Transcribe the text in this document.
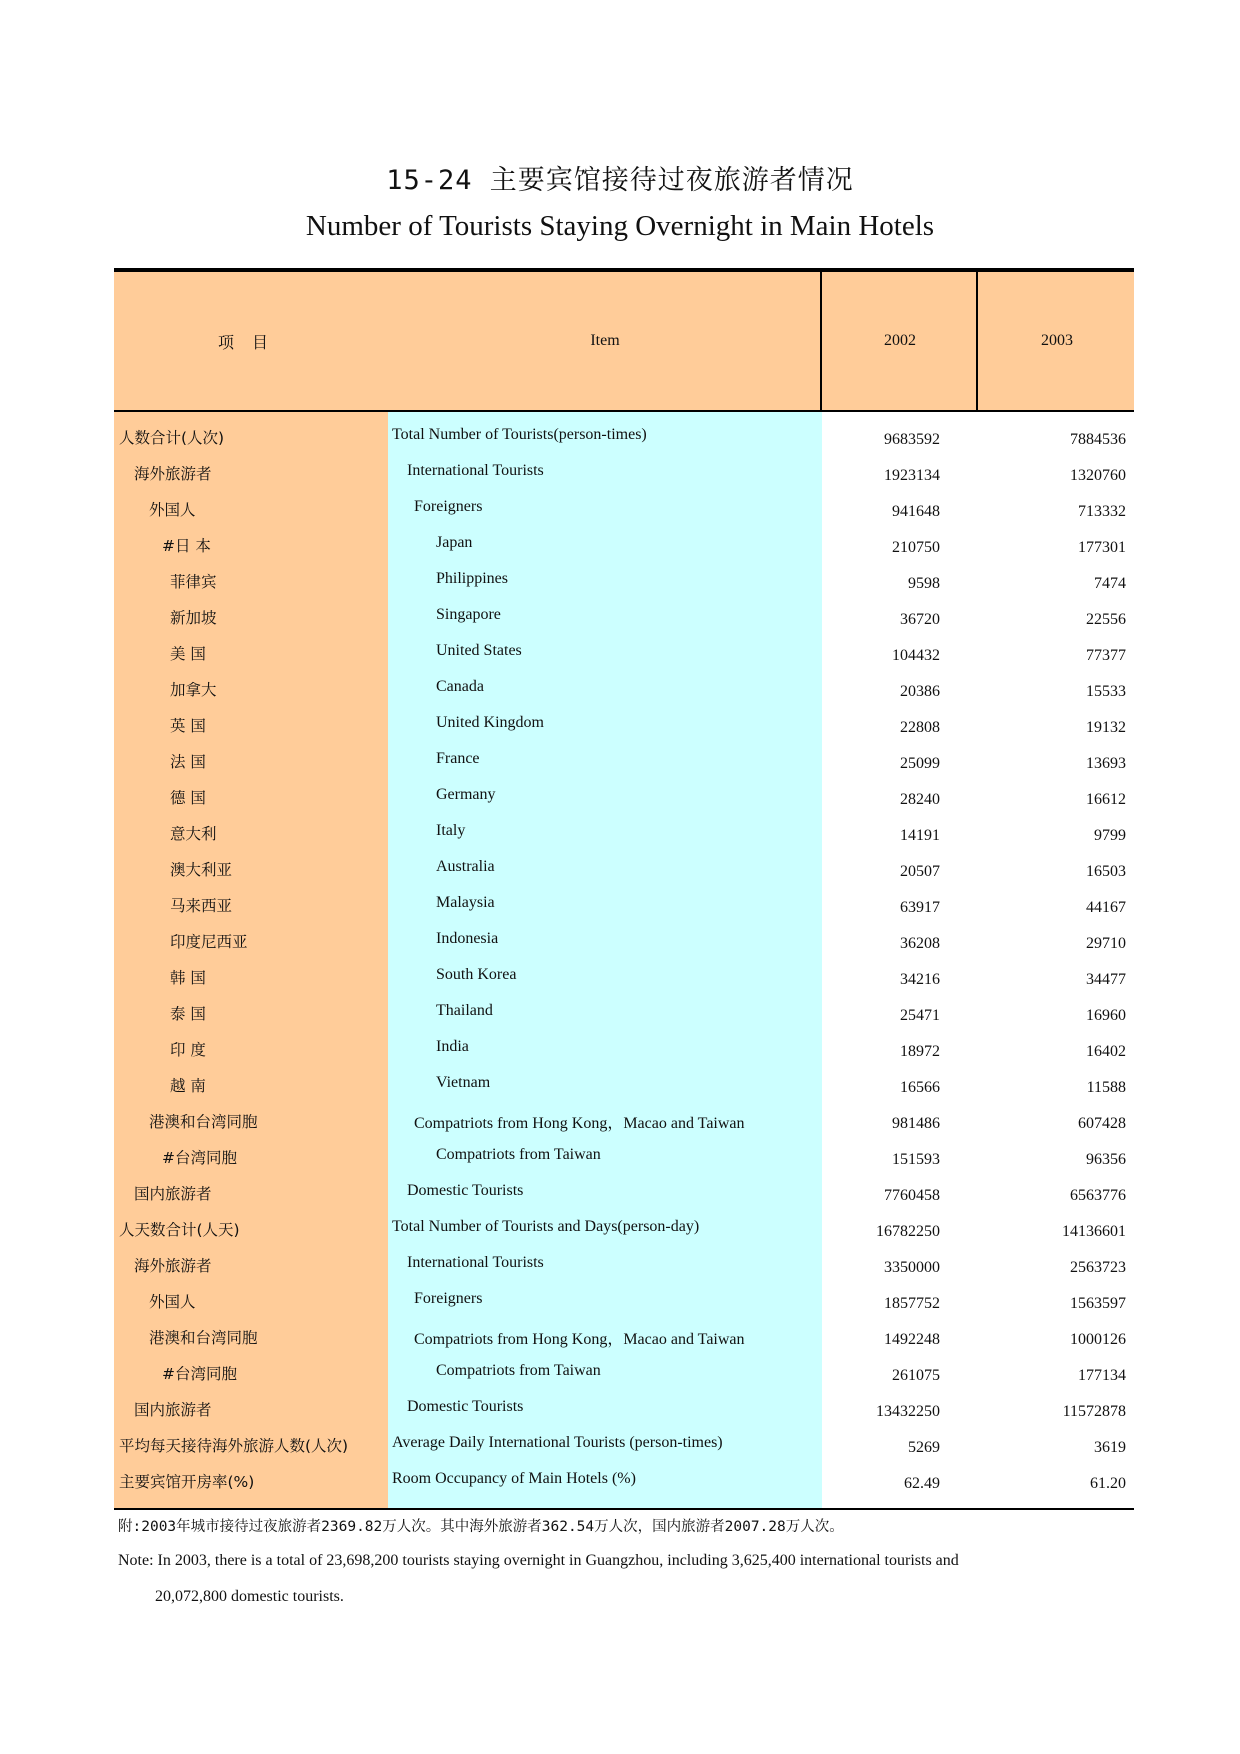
15-24 主要宾馆接待过夜旅游者情况
Number of Tourists Staying Overnight in Main Hotels
项目	Item	2002	2003
人数合计(人次)	Total Number of Tourists(person-times)	9683592	7884536
海外旅游者	International Tourists	1923134	1320760
外国人	Foreigners	941648	713332
#日 本	Japan	210750	177301
菲律宾	Philippines	9598	7474
新加坡	Singapore	36720	22556
美 国	United States	104432	77377
加拿大	Canada	20386	15533
英 国	United Kingdom	22808	19132
法 国	France	25099	13693
德 国	Germany	28240	16612
意大利	Italy	14191	9799
澳大利亚	Australia	20507	16503
马来西亚	Malaysia	63917	44167
印度尼西亚	Indonesia	36208	29710
韩 国	South Korea	34216	34477
泰 国	Thailand	25471	16960
印 度	India	18972	16402
越 南	Vietnam	16566	11588
港澳和台湾同胞	Compatriots from Hong Kong，Macao and Taiwan	981486	607428
#台湾同胞	Compatriots from Taiwan	151593	96356
国内旅游者	Domestic Tourists	7760458	6563776
人天数合计(人天)	Total Number of Tourists and Days(person-day)	16782250	14136601
海外旅游者	International Tourists	3350000	2563723
外国人	Foreigners	1857752	1563597
港澳和台湾同胞	Compatriots from Hong Kong，Macao and Taiwan	1492248	1000126
#台湾同胞	Compatriots from Taiwan	261075	177134
国内旅游者	Domestic Tourists	13432250	11572878
平均每天接待海外旅游人数(人次)	Average Daily International Tourists (person-times)	5269	3619
主要宾馆开房率(%)	Room Occupancy of Main Hotels (%)	62.49	61.20
附:2003年城市接待过夜旅游者2369.82万人次。其中海外旅游者362.54万人次，国内旅游者2007.28万人次。
Note: In 2003, there is a total of 23,698,200 tourists staying overnight in Guangzhou, including 3,625,400 international tourists and
20,072,800 domestic tourists.
